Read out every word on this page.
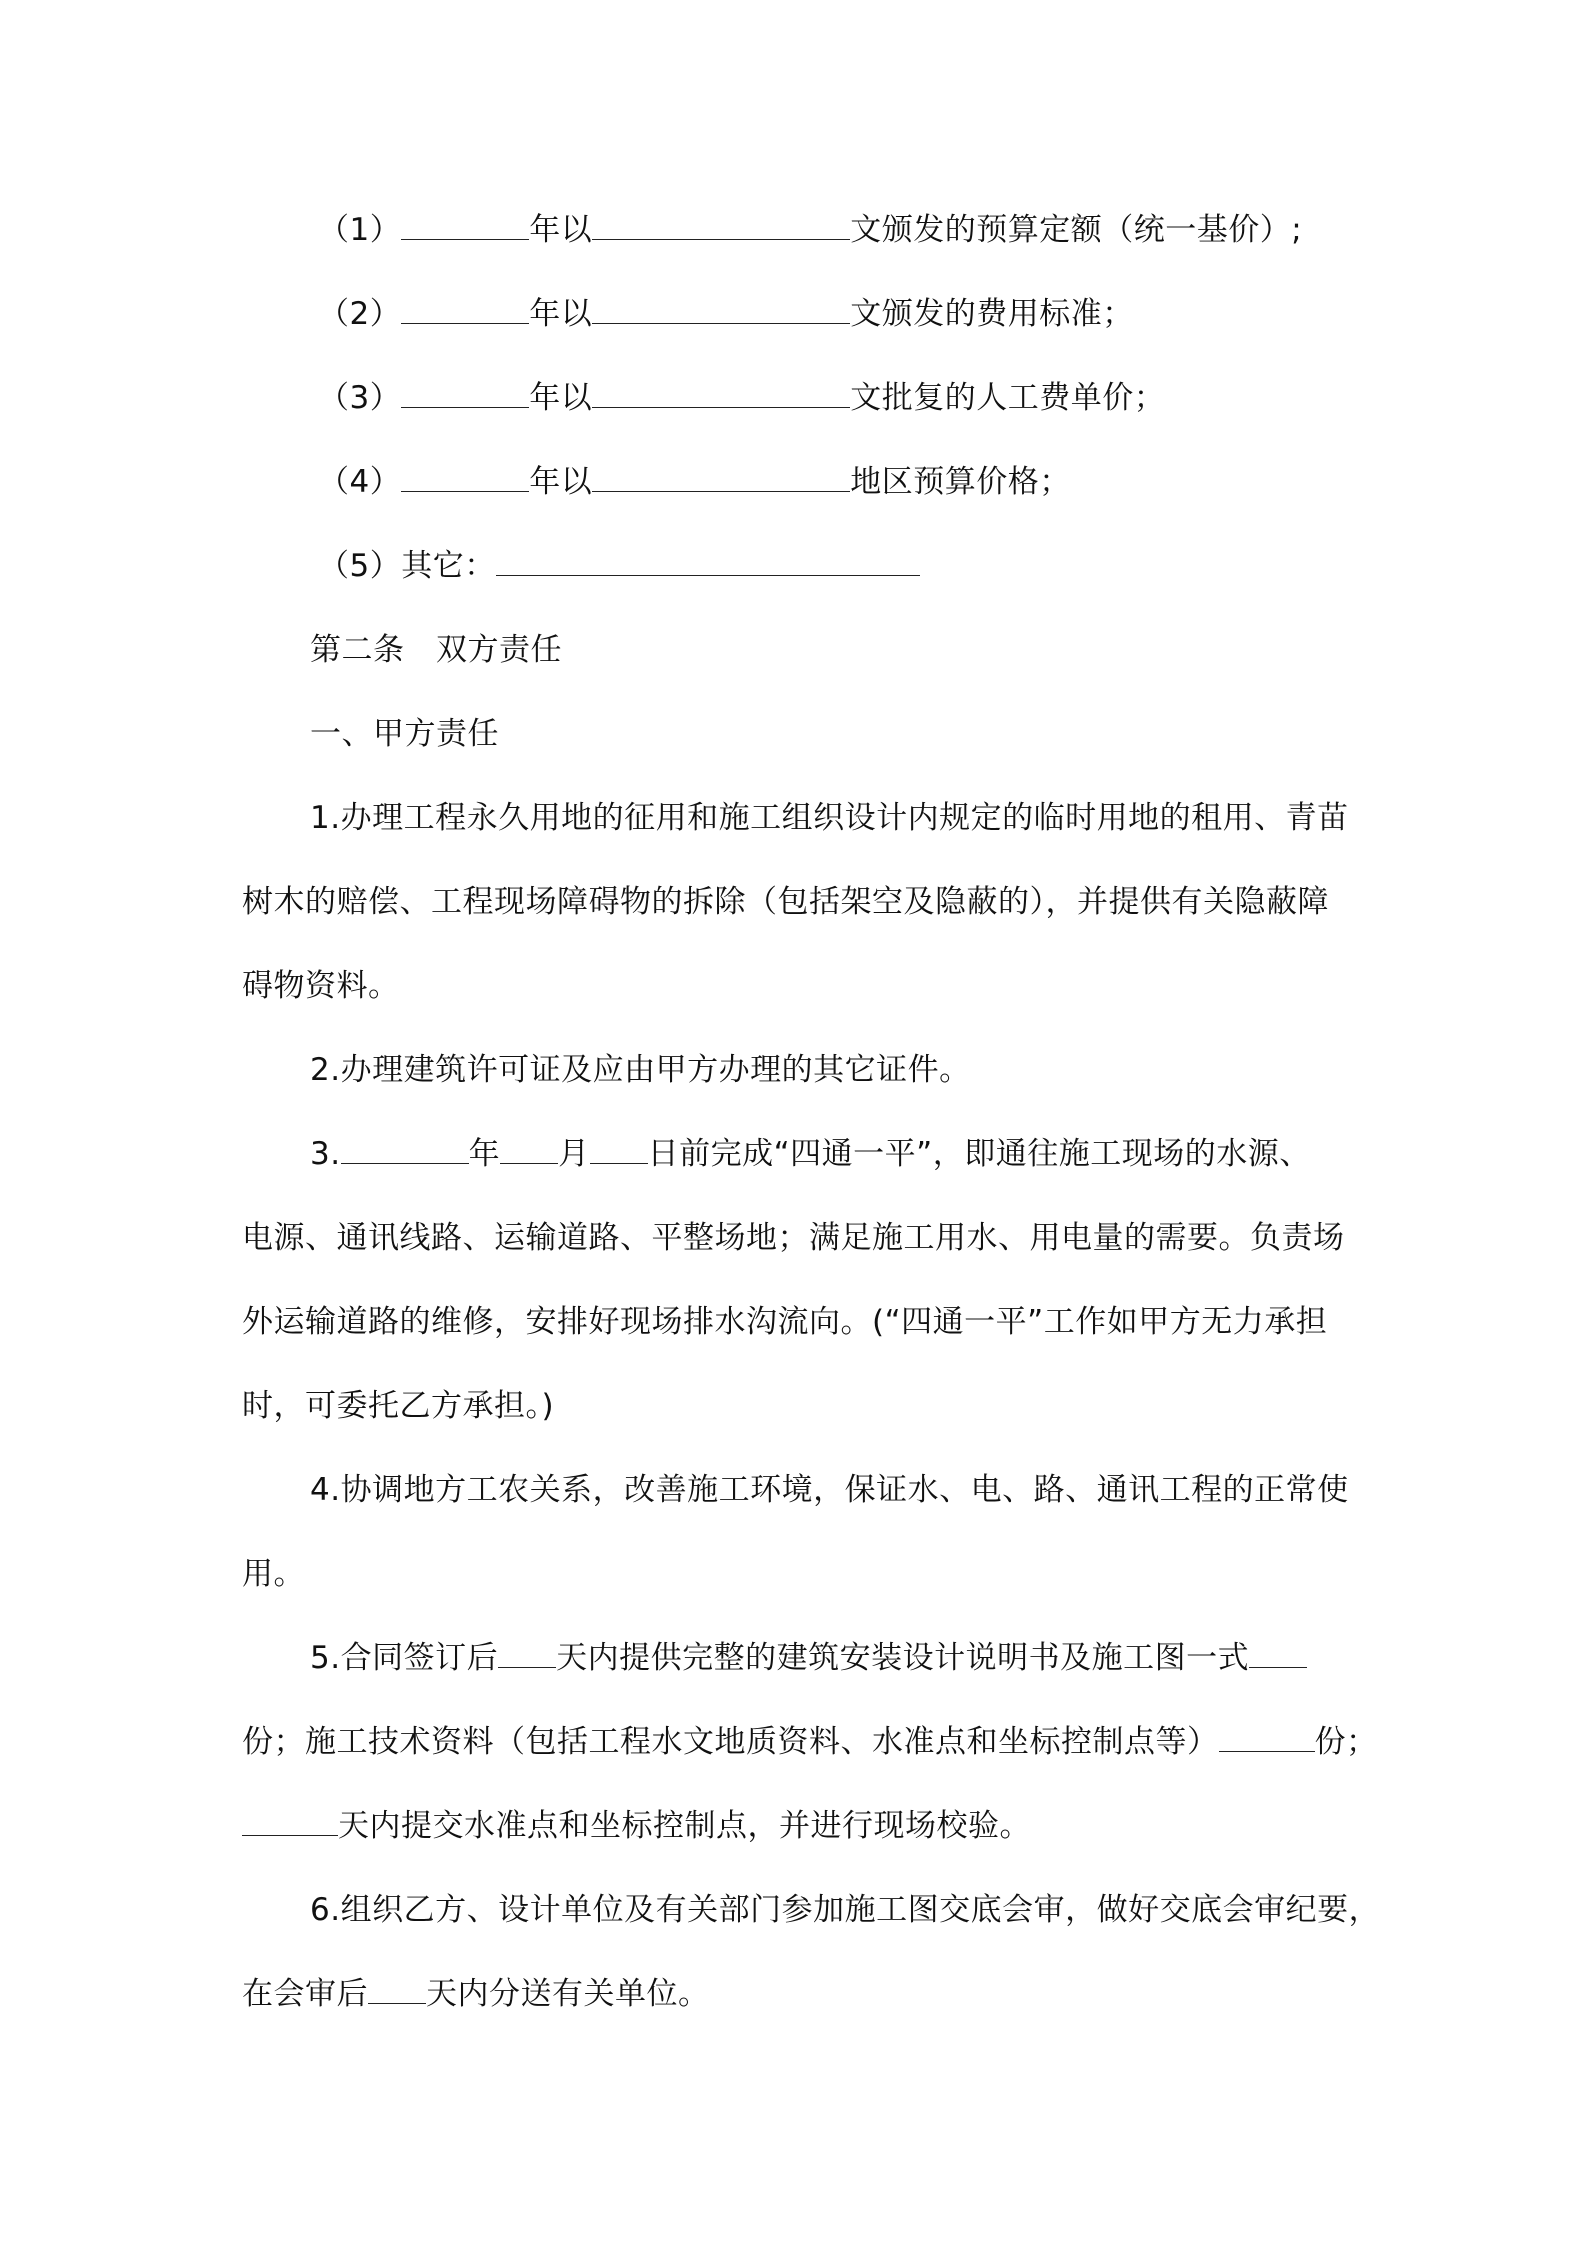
（1）	年以	文颁发的预算定额（统一基价）;
（2）	年以	文颁发的费用标准；
（3）	年以	文批复的人工费单价；
（4）	年以	地区预算价格；
（5）其它：
第二条　双方责任
一、甲方责任
1.办理工程永久用地的征用和施工组织设计内规定的临时用地的租用、青苗
树木的赔偿、工程现场障碍物的拆除（包括架空及隐蔽的），并提供有关隐蔽障
碍物资料。
2.办理建筑许可证及应由甲方办理的其它证件。
3.	年 月 日前完成“四通一平”，即通往施工现场的水源、
电源、通讯线路、运输道路、平整场地；满足施工用水、用电量的需要。负责场
外运输道路的维修，安排好现场排水沟流向。(“四通一平”工作如甲方无力承担
时，可委托乙方承担。)
4.协调地方工农关系，改善施工环境，保证水、电、路、通讯工程的正常使
用。
5.合同签订后 天内提供完整的建筑安装设计说明书及施工图一式
份；施工技术资料（包括工程水文地质资料、水准点和坐标控制点等）	份；
天内提交水准点和坐标控制点，并进行现场校验。
6.组织乙方、设计单位及有关部门参加施工图交底会审，做好交底会审纪要，
在会审后 天内分送有关单位。
